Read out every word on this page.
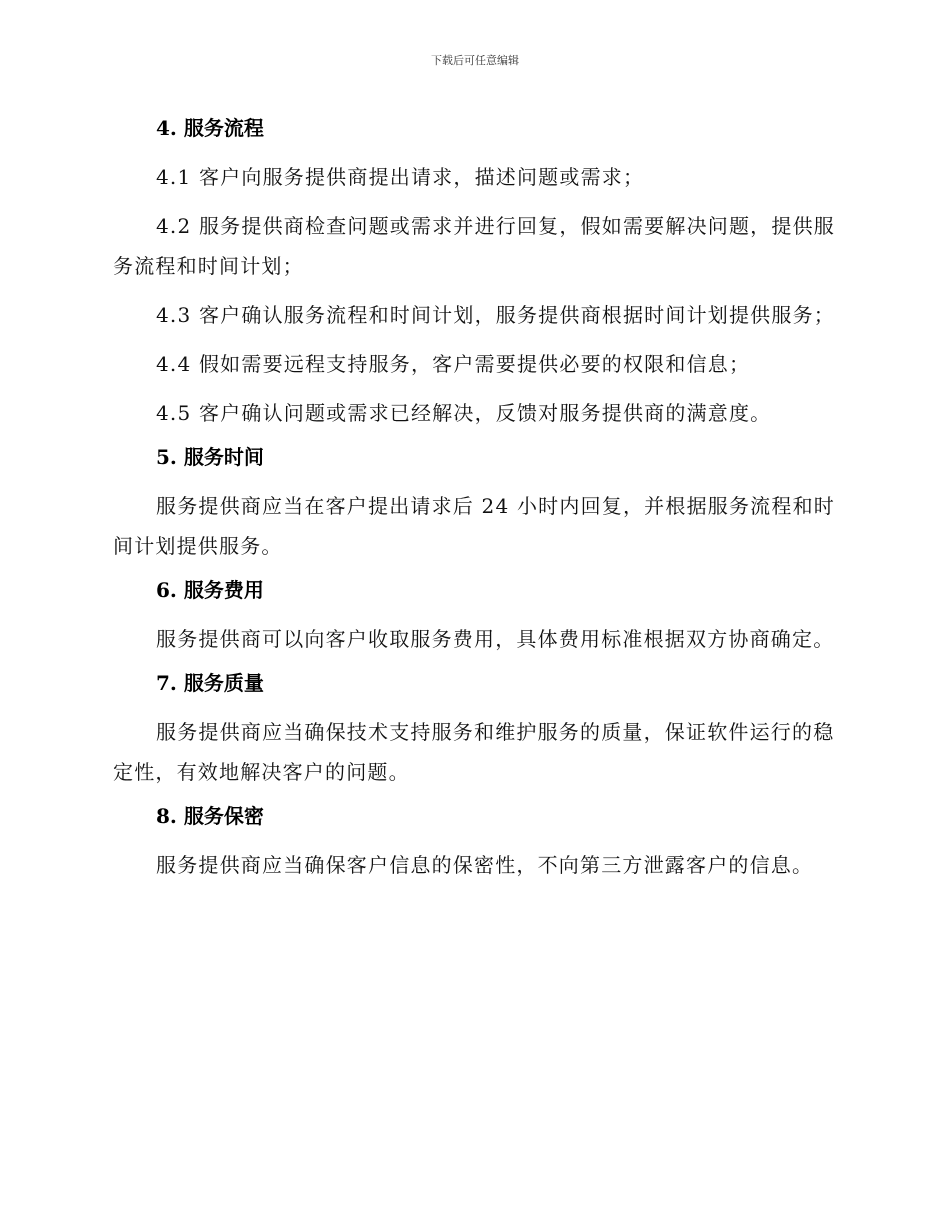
下载后可任意编辑

4. 服务流程

4.1 客户向服务提供商提出请求，描述问题或需求；

4.2 服务提供商检查问题或需求并进行回复，假如需要解决问题，提供服务流程和时间计划；

4.3 客户确认服务流程和时间计划，服务提供商根据时间计划提供服务；

4.4 假如需要远程支持服务，客户需要提供必要的权限和信息；

4.5 客户确认问题或需求已经解决，反馈对服务提供商的满意度。

5. 服务时间

服务提供商应当在客户提出请求后 24 小时内回复，并根据服务流程和时间计划提供服务。

6. 服务费用

服务提供商可以向客户收取服务费用，具体费用标准根据双方协商确定。

7. 服务质量

服务提供商应当确保技术支持服务和维护服务的质量，保证软件运行的稳定性，有效地解决客户的问题。

8. 服务保密

服务提供商应当确保客户信息的保密性，不向第三方泄露客户的信息。
